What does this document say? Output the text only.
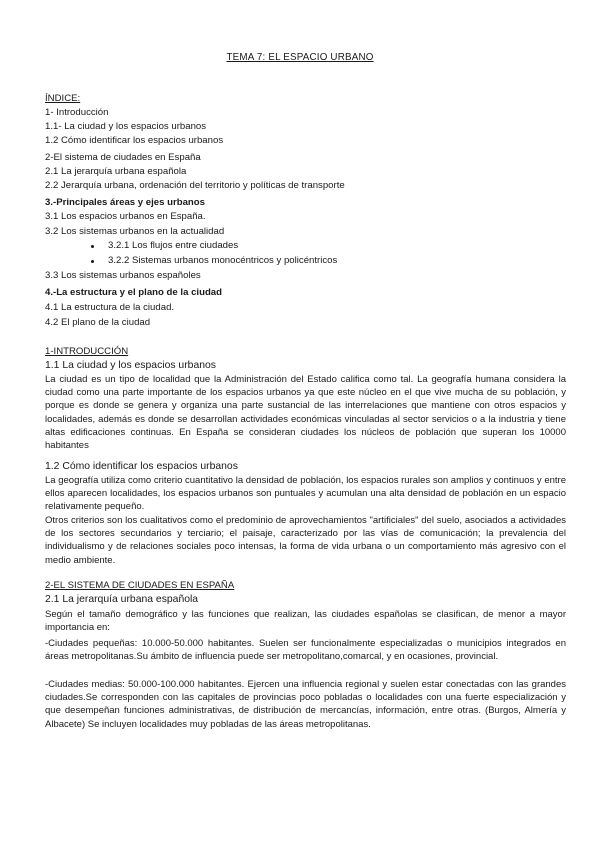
TEMA 7: EL ESPACIO URBANO
ÍNDICE:
1- Introducción
1.1- La ciudad y los espacios urbanos
1.2 Cómo identificar los espacios urbanos
2-El sistema de ciudades en España
2.1 La jerarquía urbana española
2.2 Jerarquía urbana, ordenación del territorio y políticas de transporte
3.-Principales áreas y ejes urbanos
3.1 Los espacios urbanos en España.
3.2 Los sistemas urbanos en la actualidad
3.2.1 Los flujos entre ciudades
3.2.2 Sistemas urbanos monocéntricos y policéntricos
3.3 Los sistemas urbanos españoles
4.-La estructura y el plano de la ciudad
4.1 La estructura de la ciudad.
4.2 El plano de la ciudad
1-INTRODUCCIÓN
1.1 La ciudad y los espacios urbanos
La ciudad es un tipo de localidad que la Administración del Estado califica como tal. La geografía humana considera la ciudad como una parte importante de los espacios urbanos ya que este núcleo en el que vive mucha de su población, y porque es donde se genera y organiza una parte sustancial de las interrelaciones que mantiene con otros espacios y localidades, además es donde se desarrollan actividades económicas vinculadas al sector servicios o a la industria y tiene altas edificaciones continuas. En España se consideran ciudades los núcleos de población que superan los 10000 habitantes
1.2 Cómo identificar los espacios urbanos
La geografía utiliza como criterio cuantitativo la densidad de población, los espacios rurales son amplios y continuos y entre ellos aparecen localidades, los espacios urbanos son puntuales y acumulan una alta densidad de población en un espacio relativamente pequeño.
Otros criterios son los cualitativos como el predominio de aprovechamientos "artificiales" del suelo, asociados a actividades de los sectores secundarios y terciario; el paisaje, caracterizado por las vías de comunicación; la prevalencia del individualismo y de relaciones sociales poco intensas, la forma de vida urbana o un comportamiento más agresivo con el medio ambiente.
2-EL SISTEMA DE CIUDADES EN ESPAÑA
2.1 La jerarquía urbana española
Según el tamaño demográfico y las funciones que realizan, las ciudades españolas se clasifican, de menor a mayor importancia en:
-Ciudades pequeñas: 10.000-50.000 habitantes. Suelen ser funcionalmente especializadas o municipios integrados en áreas metropolitanas.Su ámbito de influencia puede ser metropolitano,comarcal, y en ocasiones, provincial.
-Ciudades medias: 50.000-100.000 habitantes. Ejercen una influencia regional y suelen estar conectadas con las grandes ciudades.Se corresponden con las capitales de provincias poco pobladas o localidades con una fuerte especialización y que desempeñan funciones administrativas, de distribución de mercancías, información, entre otras. (Burgos, Almería y Albacete) Se incluyen localidades muy pobladas de las áreas metropolitanas.
